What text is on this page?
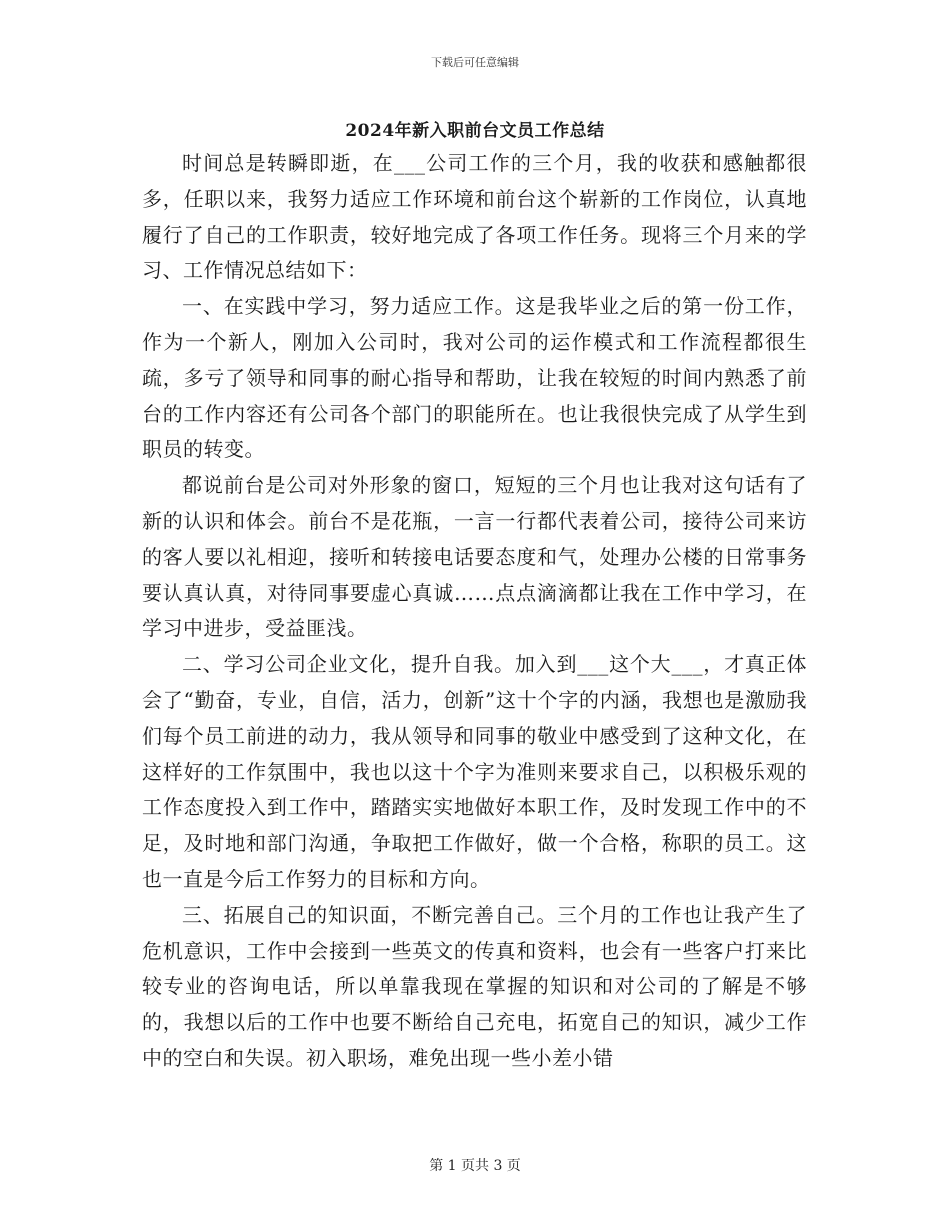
下载后可任意编辑
2024年新入职前台文员工作总结

时间总是转瞬即逝，在___公司工作的三个月，我的收获和感触都很多，任职以来，我努力适应工作环境和前台这个崭新的工作岗位，认真地履行了自己的工作职责，较好地完成了各项工作任务。现将三个月来的学习、工作情况总结如下：

一、在实践中学习，努力适应工作。这是我毕业之后的第一份工作，作为一个新人，刚加入公司时，我对公司的运作模式和工作流程都很生疏，多亏了领导和同事的耐心指导和帮助，让我在较短的时间内熟悉了前台的工作内容还有公司各个部门的职能所在。也让我很快完成了从学生到职员的转变。

都说前台是公司对外形象的窗口，短短的三个月也让我对这句话有了新的认识和体会。前台不是花瓶，一言一行都代表着公司，接待公司来访的客人要以礼相迎，接听和转接电话要态度和气，处理办公楼的日常事务要认真认真，对待同事要虚心真诚……点点滴滴都让我在工作中学习，在学习中进步，受益匪浅。

二、学习公司企业文化，提升自我。加入到___这个大___，才真正体会了“勤奋，专业，自信，活力，创新”这十个字的内涵，我想也是激励我们每个员工前进的动力，我从领导和同事的敬业中感受到了这种文化，在这样好的工作氛围中，我也以这十个字为准则来要求自己，以积极乐观的工作态度投入到工作中，踏踏实实地做好本职工作，及时发现工作中的不足，及时地和部门沟通，争取把工作做好，做一个合格，称职的员工。这也一直是今后工作努力的目标和方向。

三、拓展自己的知识面，不断完善自己。三个月的工作也让我产生了危机意识，工作中会接到一些英文的传真和资料，也会有一些客户打来比较专业的咨询电话，所以单靠我现在掌握的知识和对公司的了解是不够的，我想以后的工作中也要不断给自己充电，拓宽自己的知识，减少工作中的空白和失误。初入职场，难免出现一些小差小错

第 1 页共 3 页
